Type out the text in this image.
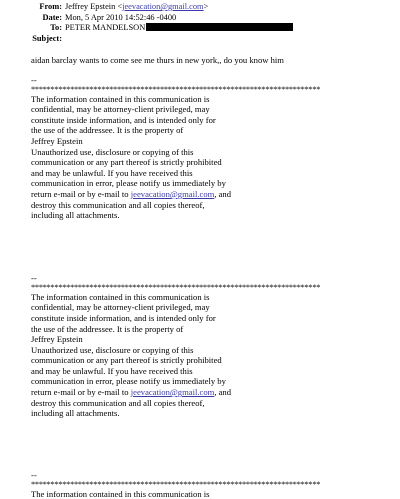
From: Jeffrey Epstein <jeevacation@gmail.com>
Date: Mon, 5 Apr 2010 14:52:46 -0400
To: PETER MANDELSON
Subject:

aidan barclay wants to come see me thurs in new york,, do you know him

--

**************************************************************************

The information contained in this communication is

confidential, may be attorney-client privileged, may

constitute inside information, and is intended only for

the use of the addressee. It is the property of

Jeffrey Epstein

Unauthorized use, disclosure or copying of this

communication or any part thereof is strictly prohibited

and may be unlawful. If you have received this

communication in error, please notify us immediately by

return e-mail or by e-mail to jeevacation@gmail.com, and

destroy this communication and all copies thereof,

including all attachments.

--

**************************************************************************

The information contained in this communication is

confidential, may be attorney-client privileged, may

constitute inside information, and is intended only for

the use of the addressee. It is the property of

Jeffrey Epstein

Unauthorized use, disclosure or copying of this

communication or any part thereof is strictly prohibited

and may be unlawful. If you have received this

communication in error, please notify us immediately by

return e-mail or by e-mail to jeevacation@gmail.com, and

destroy this communication and all copies thereof,

including all attachments.

--

**************************************************************************

The information contained in this communication is
